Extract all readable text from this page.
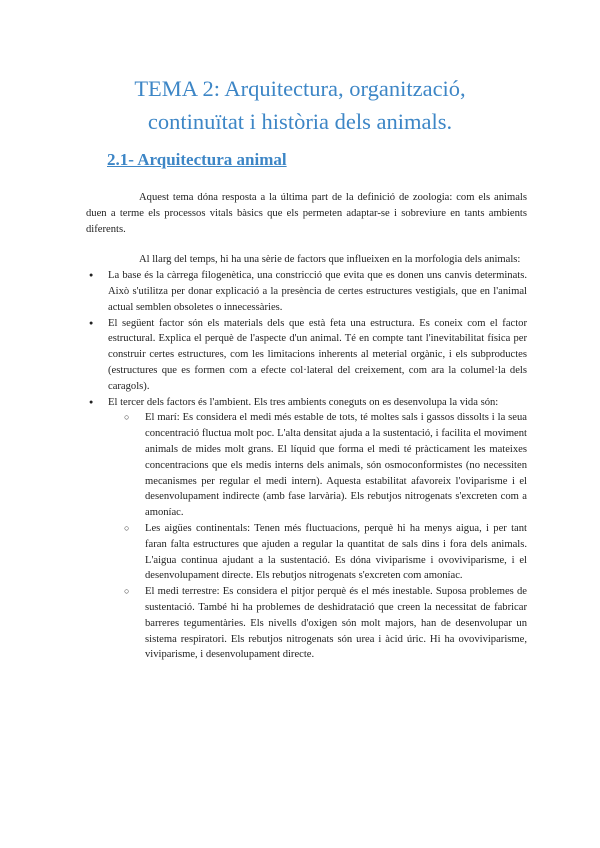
TEMA 2: Arquitectura, organització,
continuïtat i història dels animals.
2.1- Arquitectura animal

Aquest tema dóna resposta a la última part de la definició de zoologia: com els animals duen a terme els processos vitals bàsics que els permeten adaptar-se i sobreviure en tants ambients diferents.

Al llarg del temps, hi ha una sèrie de factors que influeixen en la morfologia dels animals:

● La base és la càrrega filogenètica, una constricció que evita que es donen uns canvis determinats. Això s'utilitza per donar explicació a la presència de certes estructures vestigials, que en l'animal actual semblen obsoletes o innecessàries.
● El següent factor són els materials dels que està feta una estructura. Es coneix com el factor estructural. Explica el perquè de l'aspecte d'un animal. Té en compte tant l'inevitabilitat física per construir certes estructures, com les limitacions inherents al meterial orgànic, i els subproductes (estructures que es formen com a efecte col·lateral del creixement, com ara la columel·la dels caragols).
● El tercer dels factors és l'ambient. Els tres ambients coneguts on es desenvolupa la vida són:
○ El marí: Es considera el medi més estable de tots, té moltes sals i gassos dissolts i la seua concentració fluctua molt poc. L'alta densitat ajuda a la sustentació, i facilita el moviment animals de mides molt grans. El líquid que forma el medi té pràcticament les mateixes concentracions que els medis interns dels animals, són osmoconformistes (no necessiten mecanismes per regular el medi intern). Aquesta estabilitat afavoreix l'oviparisme i el desenvolupament indirecte (amb fase larvària). Els rebutjos nitrogenats s'excreten com a amoníac.
○ Les aigües continentals: Tenen més fluctuacions, perquè hi ha menys aigua, i per tant faran falta estructures que ajuden a regular la quantitat de sals dins i fora dels animals. L'aigua continua ajudant a la sustentació. Es dóna viviparisme i ovoviviparisme, i el desenvolupament directe. Els rebutjos nitrogenats s'excreten com amoníac.
○ El medi terrestre: Es considera el pitjor perquè és el més inestable. Suposa problemes de sustentació. També hi ha problemes de deshidratació que creen la necessitat de fabricar barreres tegumentàries. Els nivells d'oxigen són molt majors, han de desenvolupar un sistema respiratori. Els rebutjos nitrogenats són urea i àcid úric. Hi ha ovoviviparisme, viviparisme, i desenvolupament directe.
